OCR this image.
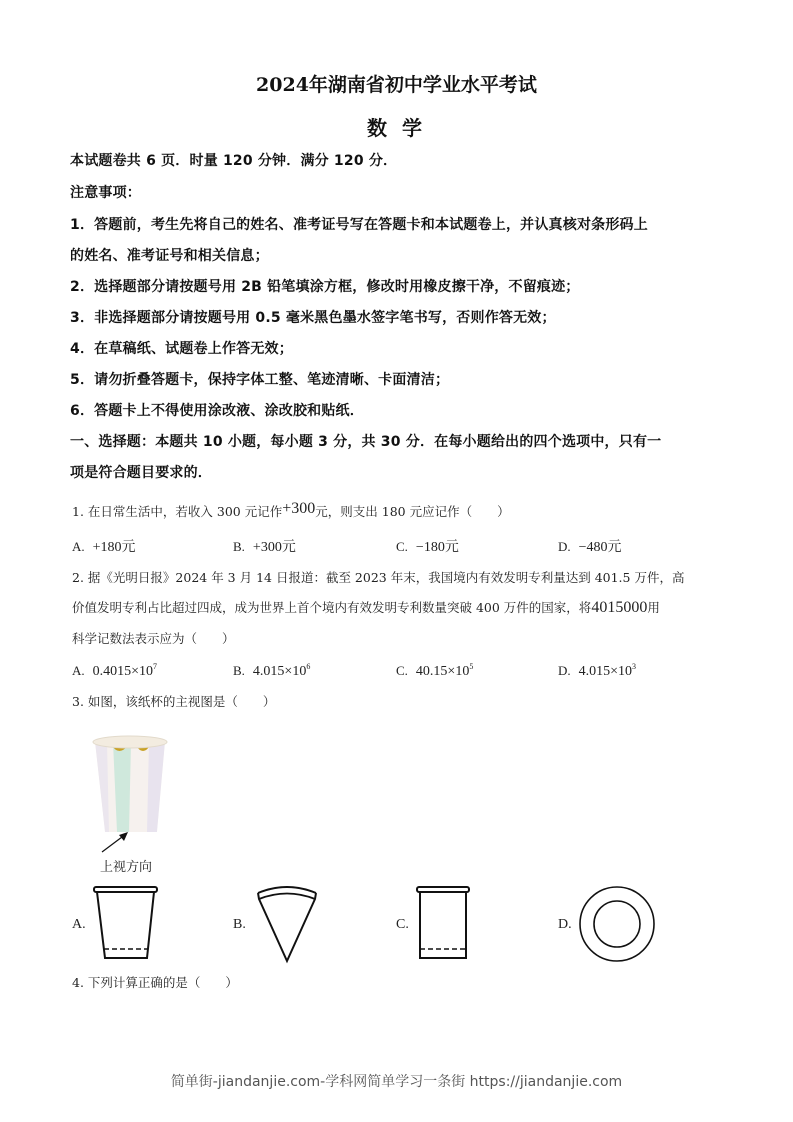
2024年湖南省初中学业水平考试
数 学
本试题卷共 6 页．时量 120 分钟．满分 120 分．
注意事项：
1．答题前，考生先将自己的姓名、准考证号写在答题卡和本试题卷上，并认真核对条形码上
的姓名、准考证号和相关信息；
2．选择题部分请按题号用 2B 铅笔填涂方框，修改时用橡皮擦干净，不留痕迹；
3．非选择题部分请按题号用 0.5 毫米黑色墨水签字笔书写，否则作答无效；
4．在草稿纸、试题卷上作答无效；
5．请勿折叠答题卡，保持字体工整、笔迹清晰、卡面清洁；
6．答题卡上不得使用涂改液、涂改胶和贴纸．
一、选择题：本题共 10 小题，每小题 3 分，共 30 分．在每小题给出的四个选项中，只有一
项是符合题目要求的．
1. 在日常生活中，若收入 300 元记作+300元，则支出 180 元应记作（　　）
A. +180元	B. +300元	C. −180元	D. −480元
2. 据《光明日报》2024 年 3 月 14 日报道：截至 2023 年末，我国境内有效发明专利量达到 401.5 万件，高
价值发明专利占比超过四成，成为世界上首个境内有效发明专利数量突破 400 万件的国家，将4015000用
科学记数法表示应为（　　）
A. $0.4015\times 10^7$	B. $4.015\times 10^6$	C. $40.15\times 10^5$	D. $4.015\times 10^3$
3. 如图，该纸杯的主视图是（　　）
上视方向
A.	B.	C.	D.
4. 下列计算正确的是（　　）
简单街-jiandanjie.com-学科网简单学习一条街 https://jiandanjie.com
